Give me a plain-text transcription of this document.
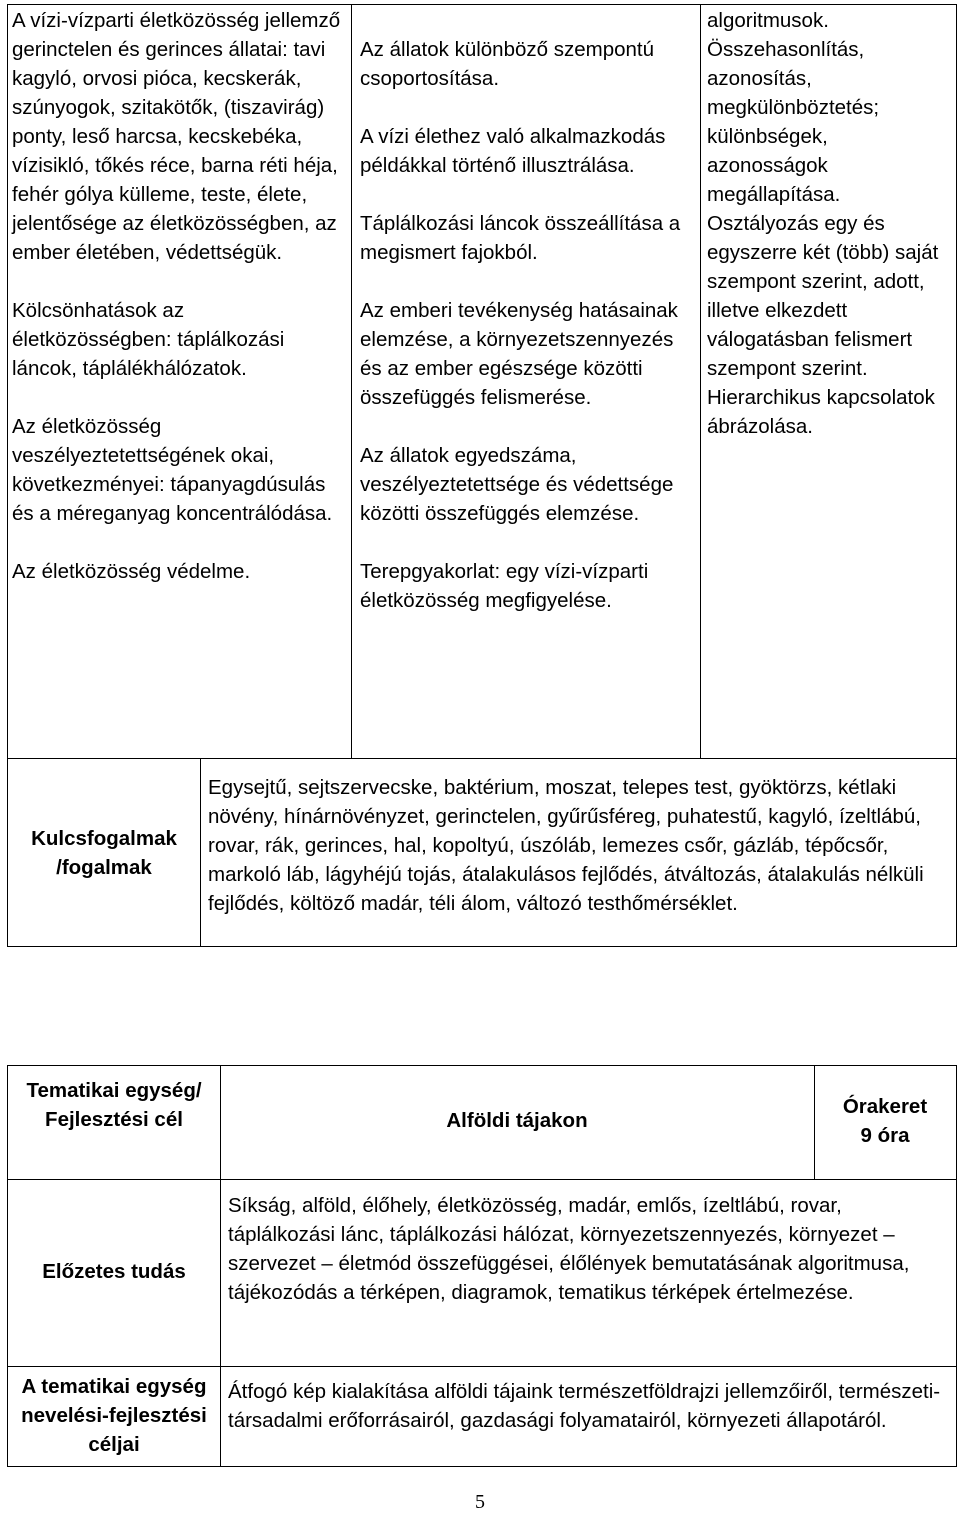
A vízi-vízparti életközösség jellemző gerinctelen és gerinces állatai: tavi kagyló, orvosi pióca, kecskerák, szúnyogok, szitakötők, (tiszavirág) ponty, leső harcsa, kecskebéka, vízisikló, tőkés réce, barna réti héja, fehér gólya külleme, teste, élete, jelentősége az életközösségben, az ember életében, védettségük.

Kölcsönhatások az életközösségben: táplálkozási láncok, táplálékhálózatok.

Az életközösség veszélyeztetettségének okai, következményei: tápanyagdúsulás és a méreganyag koncentrálódása.

Az életközösség védelme.

Az állatok különböző szempontú csoportosítása.

A vízi élethez való alkalmazkodás példákkal történő illusztrálása.

Táplálkozási láncok összeállítása a megismert fajokból.

Az emberi tevékenység hatásainak elemzése, a környezetszennyezés és az ember egészsége közötti összefüggés felismerése.

Az állatok egyedszáma, veszélyeztetettsége és védettsége közötti összefüggés elemzése.

Terepgyakorlat: egy vízi-vízparti életközösség megfigyelése.

algoritmusok.

Összehasonlítás, azonosítás, megkülönböztetés; különbségek, azonosságok megállapítása.

Osztályozás egy és egyszerre két (több) saját szempont szerint, adott, illetve elkezdett válogatásban felismert szempont szerint.

Hierarchikus kapcsolatok ábrázolása.

Kulcsfogalmak /fogalmak
Egysejtű, sejtszervecske, baktérium, moszat, telepes test, gyöktörzs, kétlaki növény, hínárnövényzet, gerinctelen, gyűrűsféreg, puhatestű, kagyló, ízeltlábú, rovar, rák, gerinces, hal, kopoltyú, úszóláb, lemezes csőr, gázláb, tépőcsőr, markoló láb, lágyhéjú tojás, átalakulásos fejlődés, átváltozás, átalakulás nélküli fejlődés, költöző madár, téli álom, változó testhőmérséklet.
Tematikai egység/ Fejlesztési cél	Alföldi tájakon
Órakeret
9 óra
Előzetes tudás
Síkság, alföld, élőhely, életközösség, madár, emlős, ízeltlábú, rovar, táplálkozási lánc, táplálkozási hálózat, környezetszennyezés, környezet – szervezet – életmód összefüggései, élőlények bemutatásának algoritmusa, tájékozódás a térképen, diagramok, tematikus térképek értelmezése.
A tematikai egység nevelési-fejlesztési céljai
Átfogó kép kialakítása alföldi tájaink természetföldrajzi jellemzőiről, természeti-társadalmi erőforrásairól, gazdasági folyamatairól, környezeti állapotáról.
5
